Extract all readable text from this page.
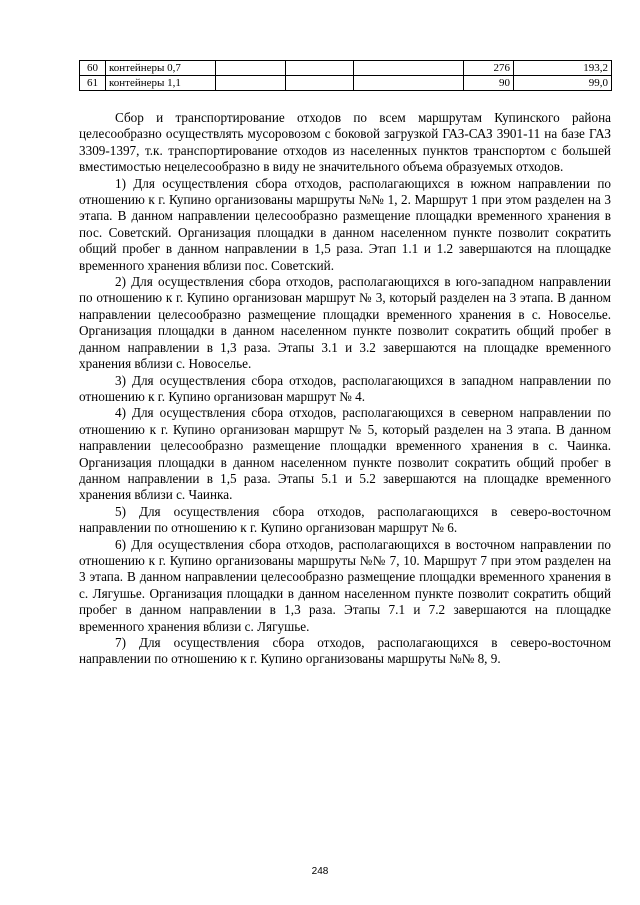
60	контейнеры 0,7				276	193,2
61	контейнеры 1,1				90	99,0

Сбор и транспортирование отходов по всем маршрутам Купинского района целесообразно осуществлять мусоровозом с боковой загрузкой ГАЗ-САЗ 3901-11 на базе ГАЗ 3309-1397, т.к. транспортирование отходов из населенных пунктов транспортом с большей вместимостью нецелесообразно в виду не значительного объема образуемых отходов.

1) Для осуществления сбора отходов, располагающихся в южном направлении по отношению к г. Купино организованы маршруты №№ 1, 2. Маршрут 1 при этом разделен на 3 этапа. В данном направлении целесообразно размещение площадки временного хранения в пос. Советский. Организация площадки в данном населенном пункте позволит сократить общий пробег в данном направлении в 1,5 раза. Этап 1.1 и 1.2 завершаются на площадке временного хранения вблизи пос. Советский.

2) Для осуществления сбора отходов, располагающихся в юго-западном направлении по отношению к г. Купино организован маршрут № 3, который разделен на 3 этапа. В данном направлении целесообразно размещение площадки временного хранения в с. Новоселье. Организация площадки в данном населенном пункте позволит сократить общий пробег в данном направлении в 1,3 раза. Этапы 3.1 и 3.2 завершаются на площадке временного хранения вблизи с. Новоселье.

3) Для осуществления сбора отходов, располагающихся в западном направлении по отношению к г. Купино организован маршрут № 4.

4) Для осуществления сбора отходов, располагающихся в северном направлении по отношению к г. Купино организован маршрут № 5, который разделен на 3 этапа. В данном направлении целесообразно размещение площадки временного хранения в с. Чаинка. Организация площадки в данном населенном пункте позволит сократить общий пробег в данном направлении в 1,5 раза. Этапы 5.1 и 5.2 завершаются на площадке временного хранения вблизи с. Чаинка.

5) Для осуществления сбора отходов, располагающихся в северо-восточном направлении по отношению к г. Купино организован маршрут № 6.

6) Для осуществления сбора отходов, располагающихся в восточном направлении по отношению к г. Купино организованы маршруты №№ 7, 10. Маршрут 7 при этом разделен на 3 этапа. В данном направлении целесообразно размещение площадки временного хранения в с. Лягушье. Организация площадки в данном населенном пункте позволит сократить общий пробег в данном направлении в 1,3 раза. Этапы 7.1 и 7.2 завершаются на площадке временного хранения вблизи с. Лягушье.

7) Для осуществления сбора отходов, располагающихся в северо-восточном направлении по отношению к г. Купино организованы маршруты №№ 8, 9.

248
